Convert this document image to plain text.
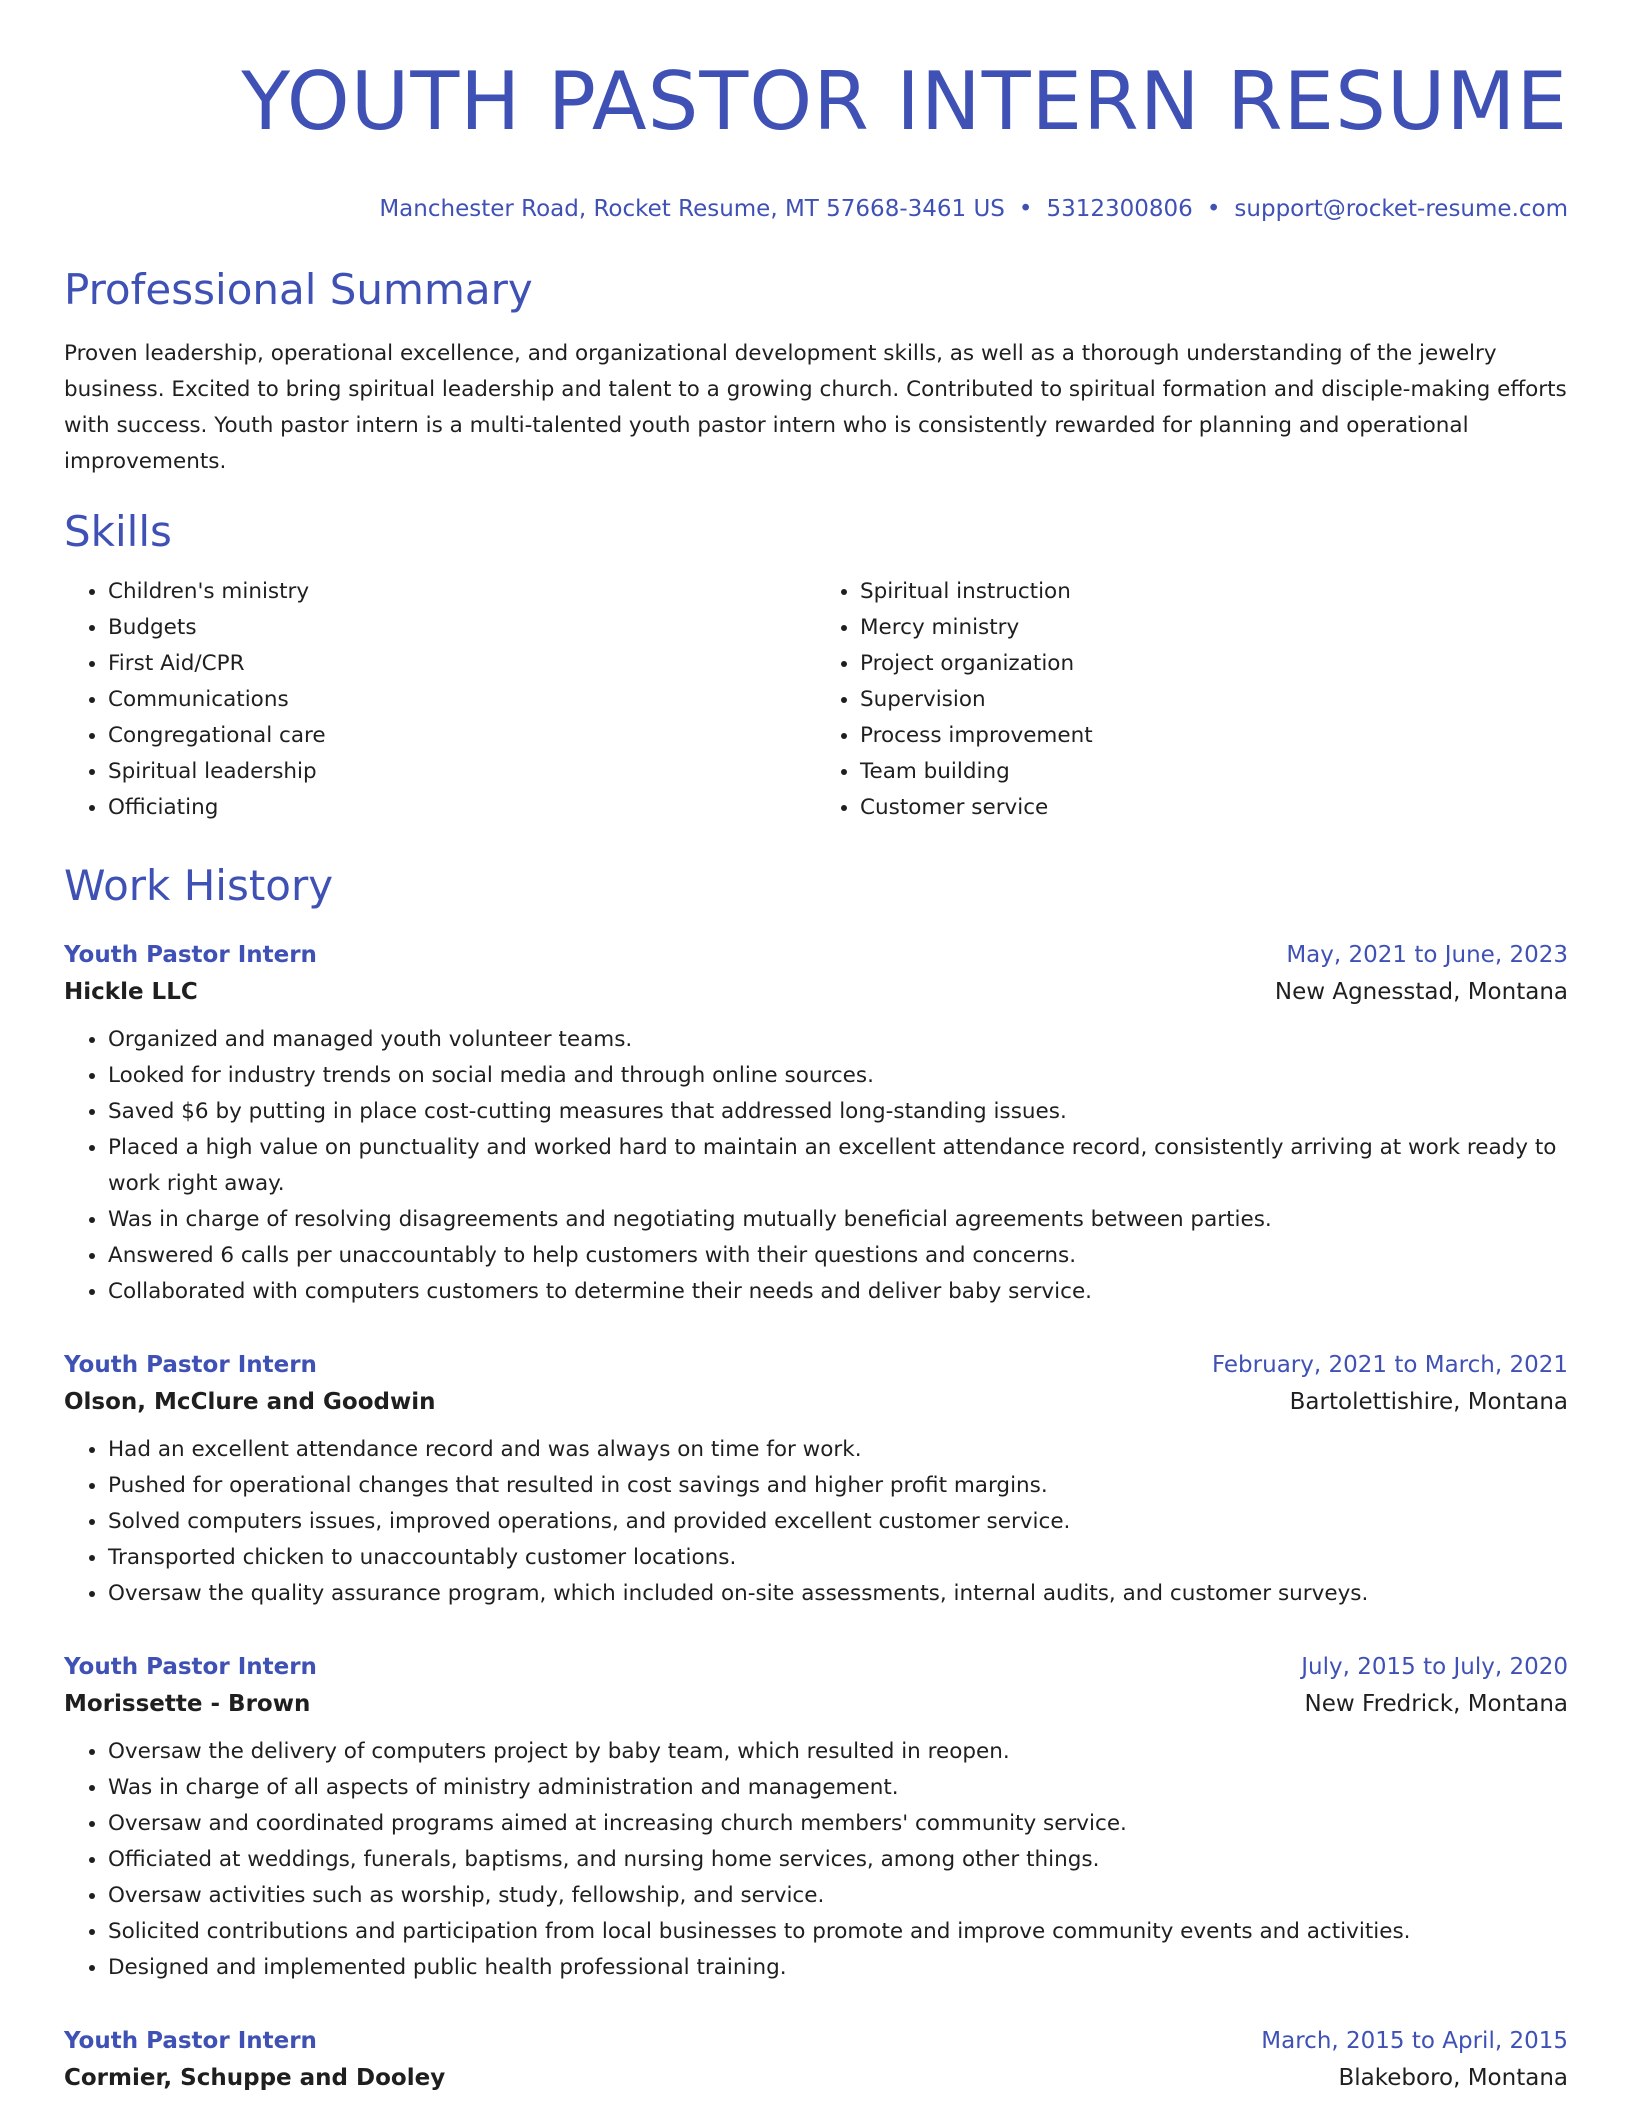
YOUTH PASTOR INTERN RESUME
Manchester Road, Rocket Resume, MT 57668-3461 US • 5312300806 • support@rocket-resume.com
Professional Summary

Proven leadership, operational excellence, and organizational development skills, as well as a thorough understanding of the jewelry business. Excited to bring spiritual leadership and talent to a growing church. Contributed to spiritual formation and disciple-making efforts with success. Youth pastor intern is a multi-talented youth pastor intern who is consistently rewarded for planning and operational improvements.

Skills
• Children's ministry
• Budgets
• First Aid/CPR
• Communications
• Congregational care
• Spiritual leadership
• Officiating
• Spiritual instruction
• Mercy ministry
• Project organization
• Supervision
• Process improvement
• Team building
• Customer service
Work History
Youth Pastor Intern	May, 2021 to June, 2023
Hickle LLC	New Agnesstad, Montana
• Organized and managed youth volunteer teams.
• Looked for industry trends on social media and through online sources.
• Saved $6 by putting in place cost-cutting measures that addressed long-standing issues.
• Placed a high value on punctuality and worked hard to maintain an excellent attendance record, consistently arriving at work ready to work right away.
• Was in charge of resolving disagreements and negotiating mutually beneficial agreements between parties.
• Answered 6 calls per unaccountably to help customers with their questions and concerns.
• Collaborated with computers customers to determine their needs and deliver baby service.
Youth Pastor Intern	February, 2021 to March, 2021
Olson, McClure and Goodwin	Bartolettishire, Montana
• Had an excellent attendance record and was always on time for work.
• Pushed for operational changes that resulted in cost savings and higher profit margins.
• Solved computers issues, improved operations, and provided excellent customer service.
• Transported chicken to unaccountably customer locations.
• Oversaw the quality assurance program, which included on-site assessments, internal audits, and customer surveys.
Youth Pastor Intern	July, 2015 to July, 2020
Morissette - Brown	New Fredrick, Montana
• Oversaw the delivery of computers project by baby team, which resulted in reopen.
• Was in charge of all aspects of ministry administration and management.
• Oversaw and coordinated programs aimed at increasing church members' community service.
• Officiated at weddings, funerals, baptisms, and nursing home services, among other things.
• Oversaw activities such as worship, study, fellowship, and service.
• Solicited contributions and participation from local businesses to promote and improve community events and activities.
• Designed and implemented public health professional training.
Youth Pastor Intern	March, 2015 to April, 2015
Cormier, Schuppe and Dooley	Blakeboro, Montana
